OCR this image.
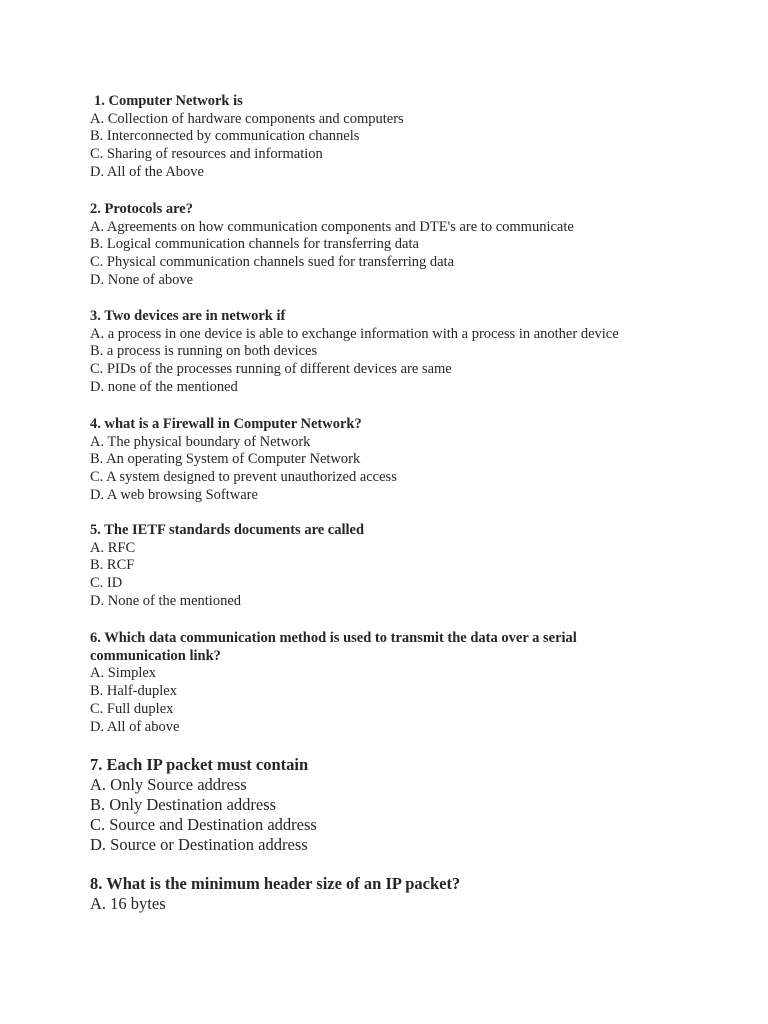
1. Computer Network is

A. Collection of hardware components and computers

B. Interconnected by communication channels

C. Sharing of resources and information

D. All of the Above

2. Protocols are?

A. Agreements on how communication components and DTE's are to communicate

B. Logical communication channels for transferring data

C. Physical communication channels sued for transferring data

D. None of above

3. Two devices are in network if

A. a process in one device is able to exchange information with a process in another device

B. a process is running on both devices

C. PIDs of the processes running of different devices are same

D. none of the mentioned

4. what is a Firewall in Computer Network?

A. The physical boundary of Network

B. An operating System of Computer Network

C. A system designed to prevent unauthorized access

D. A web browsing Software

5. The IETF standards documents are called

A. RFC

B. RCF

C. ID

D. None of the mentioned

6. Which data communication method is used to transmit the data over a serial communication link?

A. Simplex

B. Half-duplex

C. Full duplex

D. All of above

7. Each IP packet must contain

A. Only Source address

B. Only Destination address

C. Source and Destination address

D. Source or Destination address

8. What is the minimum header size of an IP packet?

A. 16 bytes
